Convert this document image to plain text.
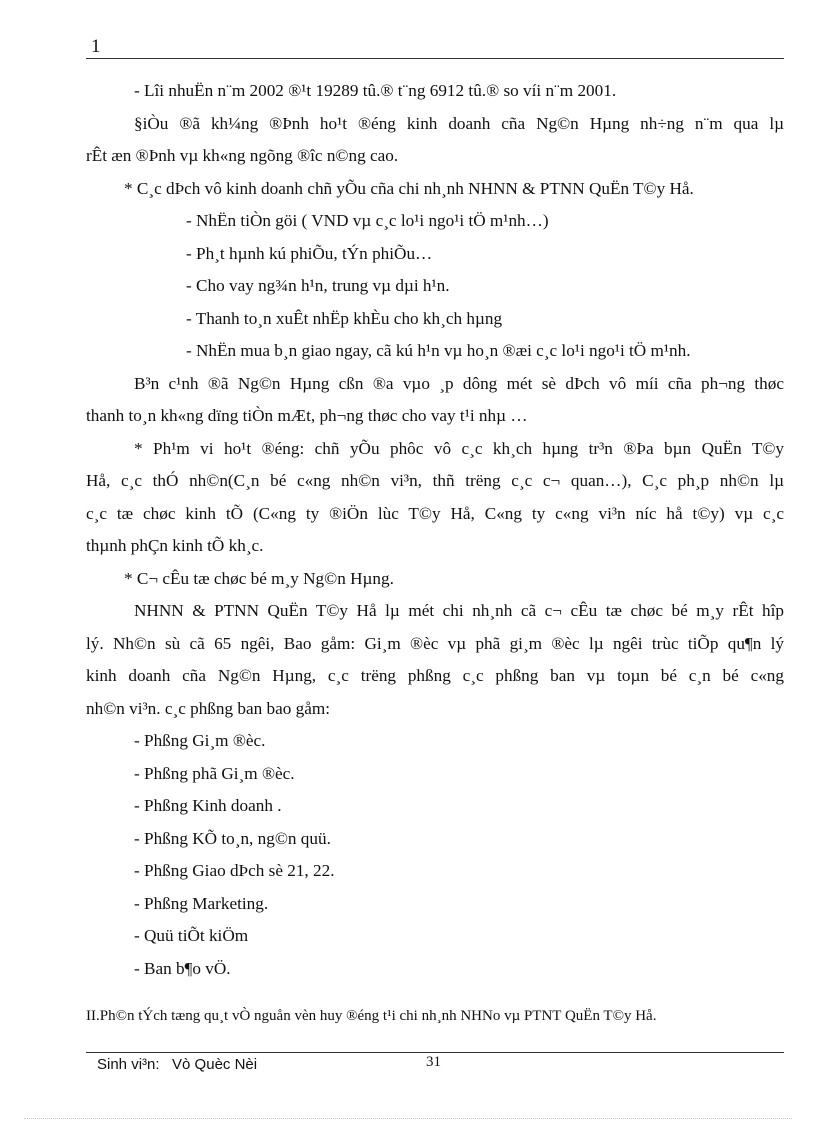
1
- Lîi nhuËn n¨m 2002 ®¹t 19289 tû.® t¨ng 6912 tû.® so víi n¨m 2001.
§iÒu ®ã kh¼ng ®Þnh ho¹t ®éng kinh doanh cña Ng©n Hµng nh÷ng n¨m qua lµ
rÊt æn ®Þnh vµ kh«ng ngõng ®îc n©ng cao.
* C¸c dÞch vô kinh doanh chñ yÕu cña chi nh¸nh NHNN & PTNN QuËn T©y Hå.
- NhËn tiÒn göi ( VND vµ c¸c lo¹i ngo¹i tÖ m¹nh…)
- Ph¸t hµnh kú phiÕu, tÝn phiÕu…
- Cho vay ng¾n h¹n, trung vµ dµi h¹n.
- Thanh to¸n xuÊt nhËp khÈu cho kh¸ch hµng
- NhËn mua b¸n giao ngay, cã kú h¹n vµ ho¸n ®æi c¸c lo¹i ngo¹i tÖ m¹nh.
B³n c¹nh ®ã Ng©n Hµng cßn ®a vµo ¸p dông mét sè dÞch vô míi cña ph¬ng thøc
thanh to¸n kh«ng dïng tiÒn mÆt, ph¬ng thøc cho vay t¹i nhµ …
* Ph¹m vi ho¹t ®éng: chñ yÕu phôc vô c¸c kh¸ch hµng tr³n ®Þa bµn QuËn T©y
Hå, c¸c thÓ nh©n(C¸n bé c«ng nh©n vi³n, thñ trëng c¸c c¬ quan…), C¸c ph¸p nh©n lµ
c¸c tæ chøc kinh tÕ (C«ng ty ®iÖn lùc T©y Hå, C«ng ty c«ng vi³n níc hå t©y) vµ c¸c
thµnh phÇn kinh tÕ kh¸c.
* C¬ cÊu tæ chøc bé m¸y Ng©n Hµng.
NHNN & PTNN QuËn T©y Hå lµ mét chi nh¸nh cã c¬ cÊu tæ chøc bé m¸y rÊt hîp
lý. Nh©n sù cã 65 ngêi, Bao gåm: Gi¸m ®èc vµ phã gi¸m ®èc lµ ngêi trùc tiÕp qu¶n lý
kinh doanh cña Ng©n Hµng, c¸c trëng phßng c¸c phßng ban vµ toµn bé c¸n bé c«ng
nh©n vi³n. c¸c phßng ban bao gåm:
- Phßng Gi¸m ®èc.
- Phßng phã Gi¸m ®èc.
- Phßng Kinh doanh .
- Phßng KÕ to¸n, ng©n quü.
- Phßng Giao dÞch sè 21, 22.
- Phßng Marketing.
- Quü tiÕt kiÖm
- Ban b¶o vÖ.
II.Ph©n tÝch tæng qu¸t vÒ nguån vèn huy ®éng t¹i chi nh¸nh NHNo vµ PTNT QuËn T©y Hå.
Sinh vi³n: Vò Quèc Nèi	31
